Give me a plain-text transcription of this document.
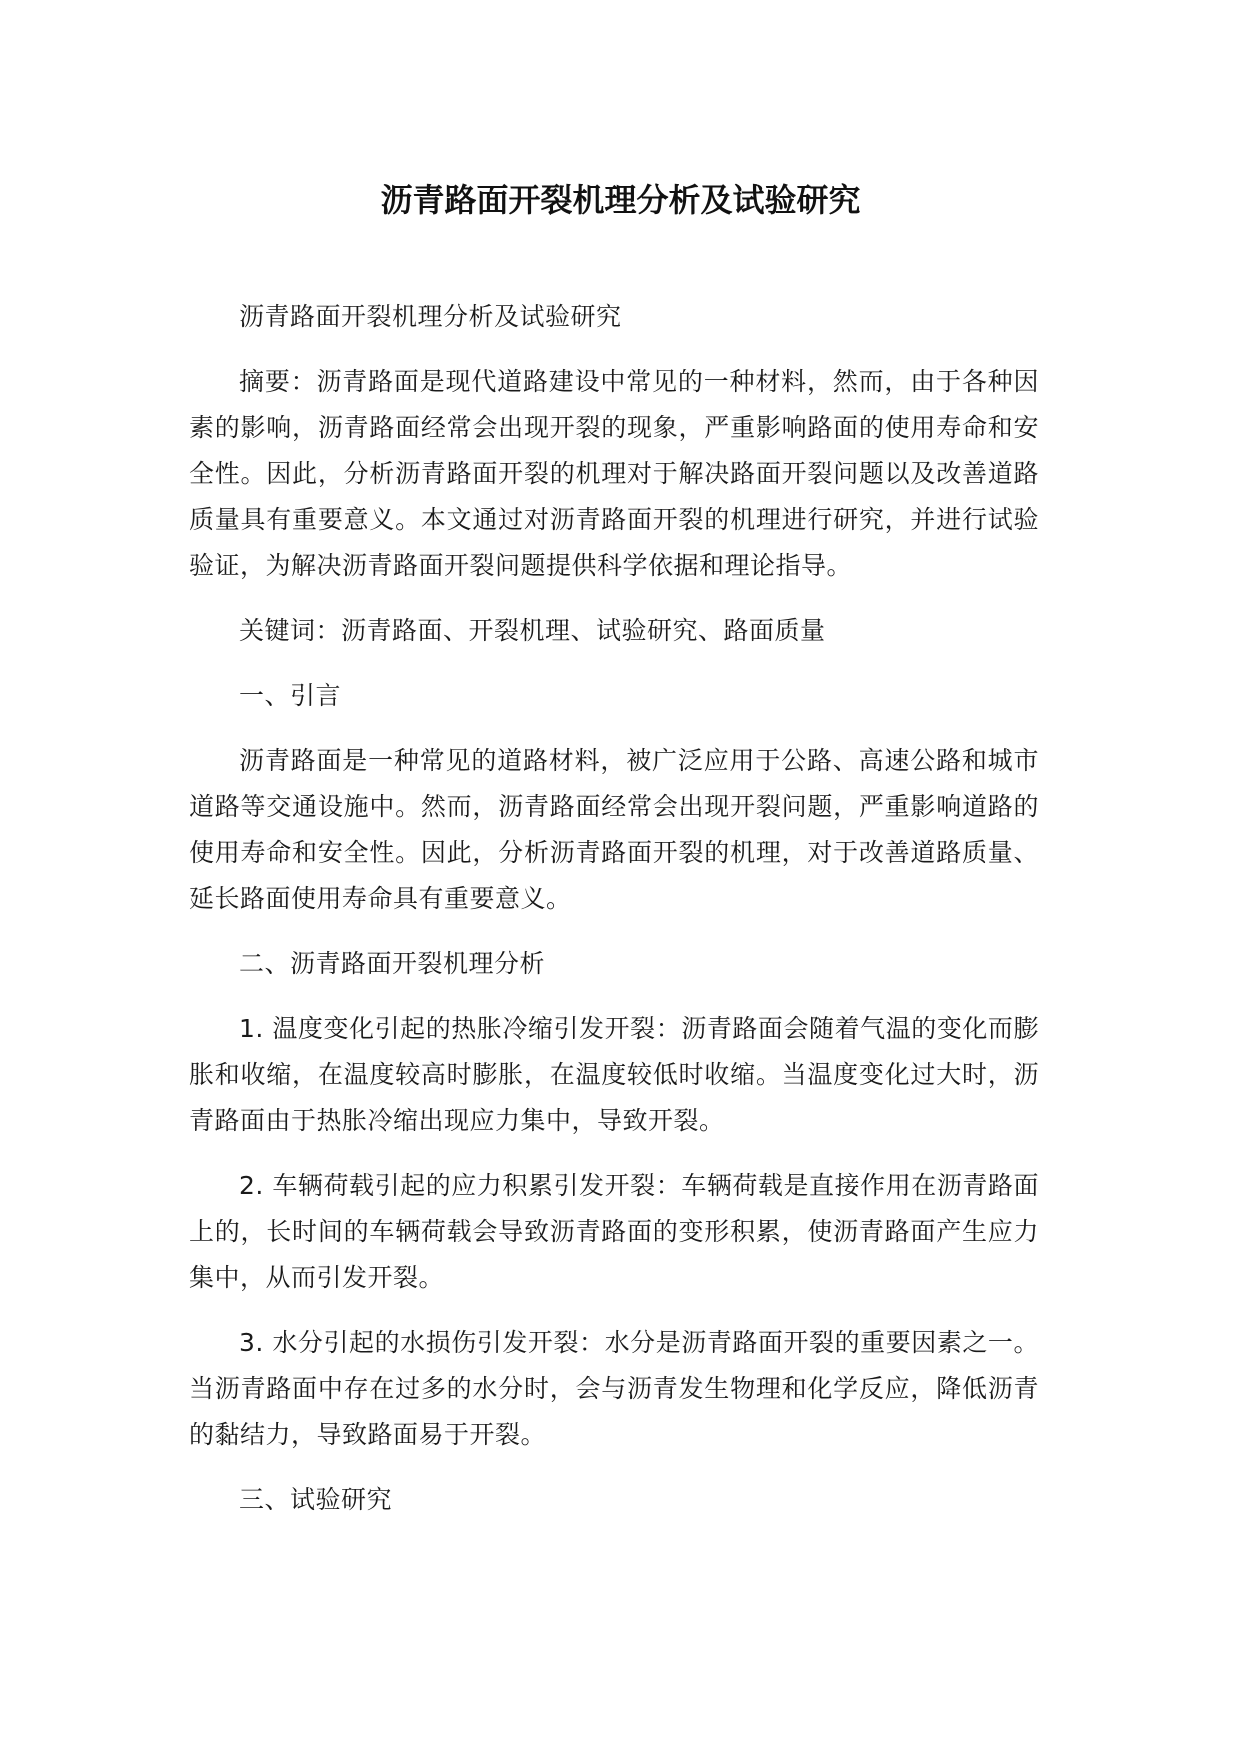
沥青路面开裂机理分析及试验研究

沥青路面开裂机理分析及试验研究

摘要：沥青路面是现代道路建设中常见的一种材料，然而，由于各种因素的影响，沥青路面经常会出现开裂的现象，严重影响路面的使用寿命和安全性。因此，分析沥青路面开裂的机理对于解决路面开裂问题以及改善道路质量具有重要意义。本文通过对沥青路面开裂的机理进行研究，并进行试验验证，为解决沥青路面开裂问题提供科学依据和理论指导。

关键词：沥青路面、开裂机理、试验研究、路面质量

一、引言

沥青路面是一种常见的道路材料，被广泛应用于公路、高速公路和城市道路等交通设施中。然而，沥青路面经常会出现开裂问题，严重影响道路的使用寿命和安全性。因此，分析沥青路面开裂的机理，对于改善道路质量、延长路面使用寿命具有重要意义。

二、沥青路面开裂机理分析

1. 温度变化引起的热胀冷缩引发开裂：沥青路面会随着气温的变化而膨胀和收缩，在温度较高时膨胀，在温度较低时收缩。当温度变化过大时，沥青路面由于热胀冷缩出现应力集中，导致开裂。

2. 车辆荷载引起的应力积累引发开裂：车辆荷载是直接作用在沥青路面上的，长时间的车辆荷载会导致沥青路面的变形积累，使沥青路面产生应力集中，从而引发开裂。

3. 水分引起的水损伤引发开裂：水分是沥青路面开裂的重要因素之一。当沥青路面中存在过多的水分时，会与沥青发生物理和化学反应，降低沥青的黏结力，导致路面易于开裂。

三、试验研究
